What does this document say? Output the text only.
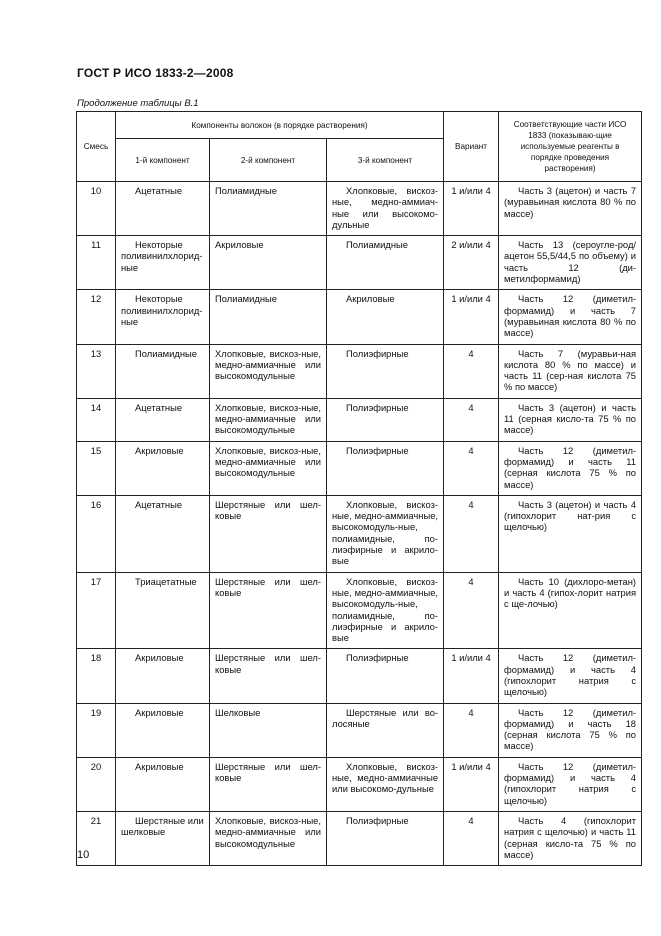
ГОСТ Р ИСО 1833-2—2008
Продолжение таблицы В.1
Смесь	Компоненты волокон (в порядке растворения)			Вариант	Соответствующие части ИСО 1833 (показываю-щие используемые реагенты в порядке проведения растворения)
	1-й компонент	2-й компонент	3-й компонент		

10	Ацетатные	Полиамидные	Хлопковые, вискоз-ные, медно-аммиач-ные или высокомо-дульные	1 и/или 4	Часть 3 (ацетон) и часть 7 (муравьиная кислота 80 % по массе)

11	Некоторые поливинилхлорид-ные	Акриловые	Полиамидные	2 и/или 4	Часть 13 (сероугле-род/ацетон 55,5/44,5 по объему) и часть 12 (ди-метилформамид)

12	Некоторые поливинилхлорид-ные	Полиамидные	Акриловые	1 и/или 4	Часть 12 (диметил-формамид) и часть 7 (муравьиная кислота 80 % по массе)

13	Полиамидные	Хлопковые, вискоз-ные, медно-аммиачные или высокомодульные	Полиэфирные	4	Часть 7 (муравьи-ная кислота 80 % по массе) и часть 11 (сер-ная кислота 75 % по массе)

14	Ацетатные	Хлопковые, вискоз-ные, медно-аммиачные или высокомодульные	Полиэфирные	4	Часть 3 (ацетон) и часть 11 (серная кисло-та 75 % по массе)

15	Акриловые	Хлопковые, вискоз-ные, медно-аммиачные или высокомодульные	Полиэфирные	4	Часть 12 (диметил-формамид) и часть 11 (серная кислота 75 % по массе)

16	Ацетатные	Шерстяные или шел-ковые	Хлопковые, вискоз-ные, медно-аммиачные, высокомодуль-ные, полиамидные, по-лиэфирные и акрило-вые	4	Часть 3 (ацетон) и часть 4 (гипохлорит нат-рия с щелочью)

17	Триацетатные	Шерстяные или шел-ковые	Хлопковые, вискоз-ные, медно-аммиачные, высокомодуль-ные, полиамидные, по-лиэфирные и акрило-вые	4	Часть 10 (дихлоро-метан) и часть 4 (гипох-лорит натрия с ще-лочью)

18	Акриловые	Шерстяные или шел-ковые	Полиэфирные	1 и/или 4	Часть 12 (диметил-формамид) и часть 4 (гипохлорит натрия с щелочью)

19	Акриловые	Шелковые	Шерстяные или во-лосяные	4	Часть 12 (диметил-формамид) и часть 18 (серная кислота 75 % по массе)

20	Акриловые	Шерстяные или шел-ковые	Хлопковые, вискоз-ные, медно-аммиачные или высокомо-дульные	1 и/или 4	Часть 12 (диметил-формамид) и часть 4 (гипохлорит натрия с щелочью)

21	Шерстяные или шелковые	Хлопковые, вискоз-ные, медно-аммиачные или высокомодульные	Полиэфирные	4	Часть 4 (гипохлорит натрия с щелочью) и часть 11 (серная кисло-та 75 % по массе)
10
